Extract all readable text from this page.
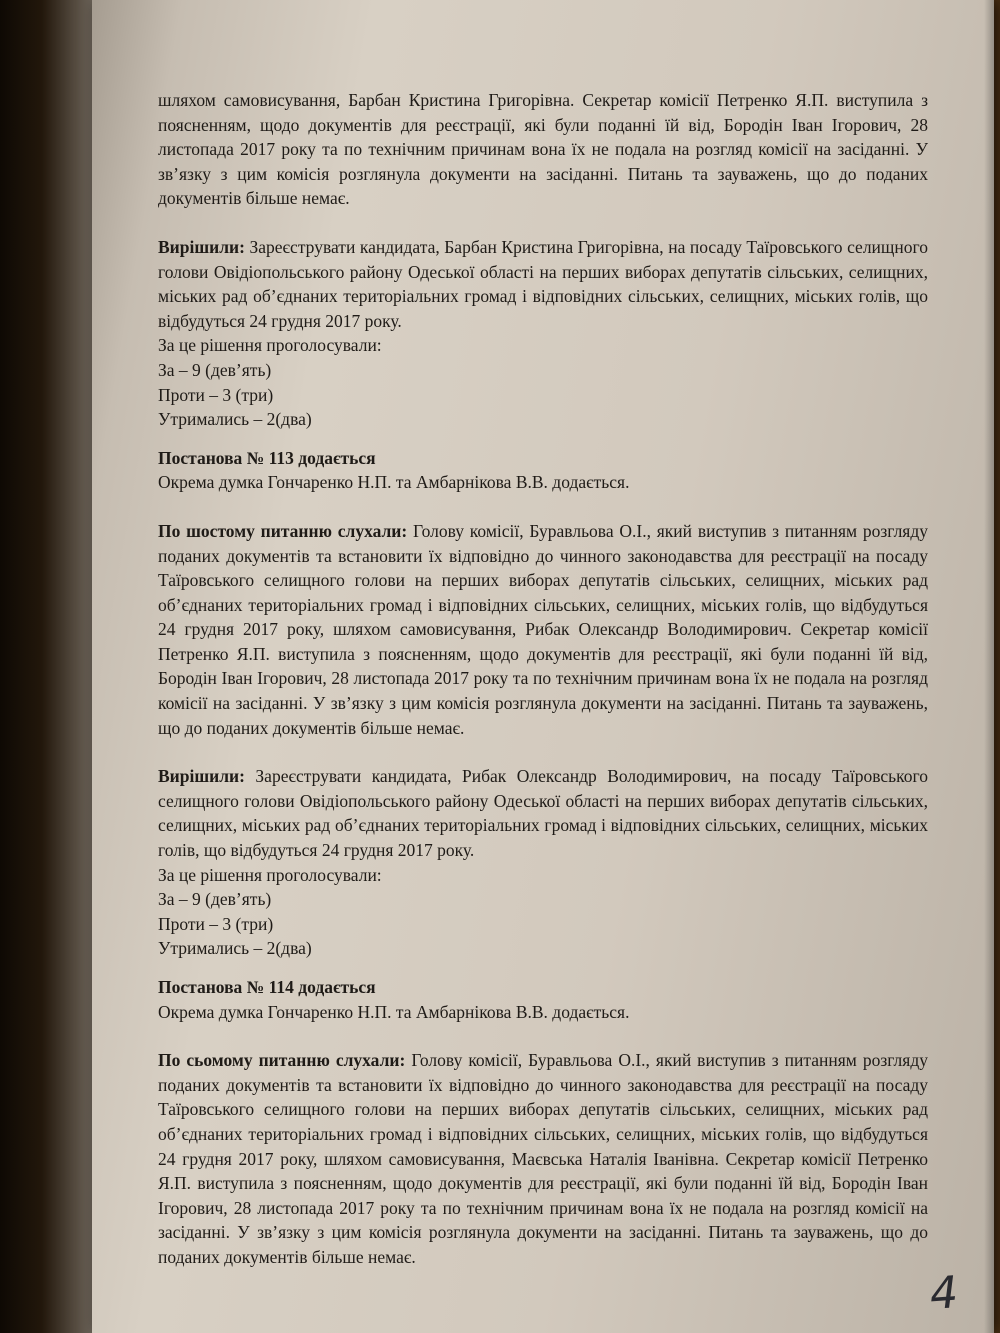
шляхом самовисування, Барбан Кристина Григорівна. Секретар комісії Петренко Я.П. виступила з поясненням, щодо документів для реєстрації, які були поданні їй від, Бородін Іван Ігорович, 28 листопада 2017 року та по технічним причинам вона їх не подала на розгляд комісії на засіданні. У зв’язку з цим комісія розглянула документи на засіданні. Питань та зауважень, що до поданих документів більше немає.

Вирішили: Зареєструвати кандидата, Барбан Кристина Григорівна, на посаду Таїровського селищного голови Овідіопольського району Одеської області на перших виборах депутатів сільських, селищних, міських рад об’єднаних територіальних громад і відповідних сільських, селищних, міських голів, що відбудуться 24 грудня 2017 року.

За це рішення проголосували:

За – 9 (дев’ять)

Проти – 3 (три)

Утримались – 2(два)

Постанова № 113 додається

Окрема думка Гончаренко Н.П. та Амбарнікова В.В. додається.

По шостому питанню слухали: Голову комісії, Буравльова О.І., який виступив з питанням розгляду поданих документів та встановити їх відповідно до чинного законодавства для реєстрації на посаду Таїровського селищного голови на перших виборах депутатів сільських, селищних, міських рад об’єднаних територіальних громад і відповідних сільських, селищних, міських голів, що відбудуться 24 грудня 2017 року, шляхом самовисування, Рибак Олександр Володимирович. Секретар комісії Петренко Я.П. виступила з поясненням, щодо документів для реєстрації, які були поданні їй від, Бородін Іван Ігорович, 28 листопада 2017 року та по технічним причинам вона їх не подала на розгляд комісії на засіданні. У зв’язку з цим комісія розглянула документи на засіданні. Питань та зауважень, що до поданих документів більше немає.

Вирішили: Зареєструвати кандидата, Рибак Олександр Володимирович, на посаду Таїровського селищного голови Овідіопольського району Одеської області на перших виборах депутатів сільських, селищних, міських рад об’єднаних територіальних громад і відповідних сільських, селищних, міських голів, що відбудуться 24 грудня 2017 року.

За це рішення проголосували:

За – 9 (дев’ять)

Проти – 3 (три)

Утримались – 2(два)

Постанова № 114 додається

Окрема думка Гончаренко Н.П. та Амбарнікова В.В. додається.

По сьомому питанню слухали: Голову комісії, Буравльова О.І., який виступив з питанням розгляду поданих документів та встановити їх відповідно до чинного законодавства для реєстрації на посаду Таїровського селищного голови на перших виборах депутатів сільських, селищних, міських рад об’єднаних територіальних громад і відповідних сільських, селищних, міських голів, що відбудуться 24 грудня 2017 року, шляхом самовисування, Маєвська Наталія Іванівна. Секретар комісії Петренко Я.П. виступила з поясненням, щодо документів для реєстрації, які були поданні їй від, Бородін Іван Ігорович, 28 листопада 2017 року та по технічним причинам вона їх не подала на розгляд комісії на засіданні. У зв’язку з цим комісія розглянула документи на засіданні. Питань та зауважень, що до поданих документів більше немає.

4
